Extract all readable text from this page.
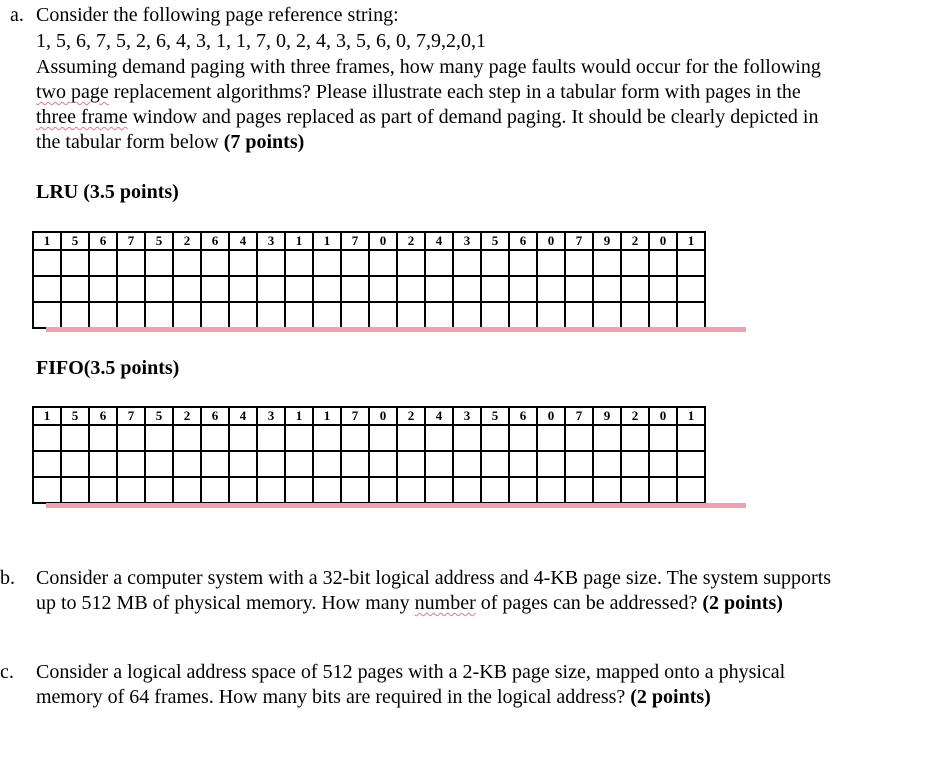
a. Consider the following page reference string:
1, 5, 6, 7, 5, 2, 6, 4, 3, 1, 1, 7, 0, 2, 4, 3, 5, 6, 0, 7,9,2,0,1
Assuming demand paging with three frames, how many page faults would occur for the following
two page replacement algorithms? Please illustrate each step in a tabular form with pages in the
three frame window and pages replaced as part of demand paging. It should be clearly depicted in
the tabular form below (7 points)
LRU (3.5 points)
1	5	6	7	5	2	6	4	3	1	1	7	0	2	4	3	5	6	0	7	9	2	0	1

FIFO(3.5 points)
1	5	6	7	5	2	6	4	3	1	1	7	0	2	4	3	5	6	0	7	9	2	0	1

b. Consider a computer system with a 32-bit logical address and 4-KB page size. The system supports
up to 512 MB of physical memory. How many number of pages can be addressed? (2 points)
c. Consider a logical address space of 512 pages with a 2-KB page size, mapped onto a physical
memory of 64 frames. How many bits are required in the logical address? (2 points)
